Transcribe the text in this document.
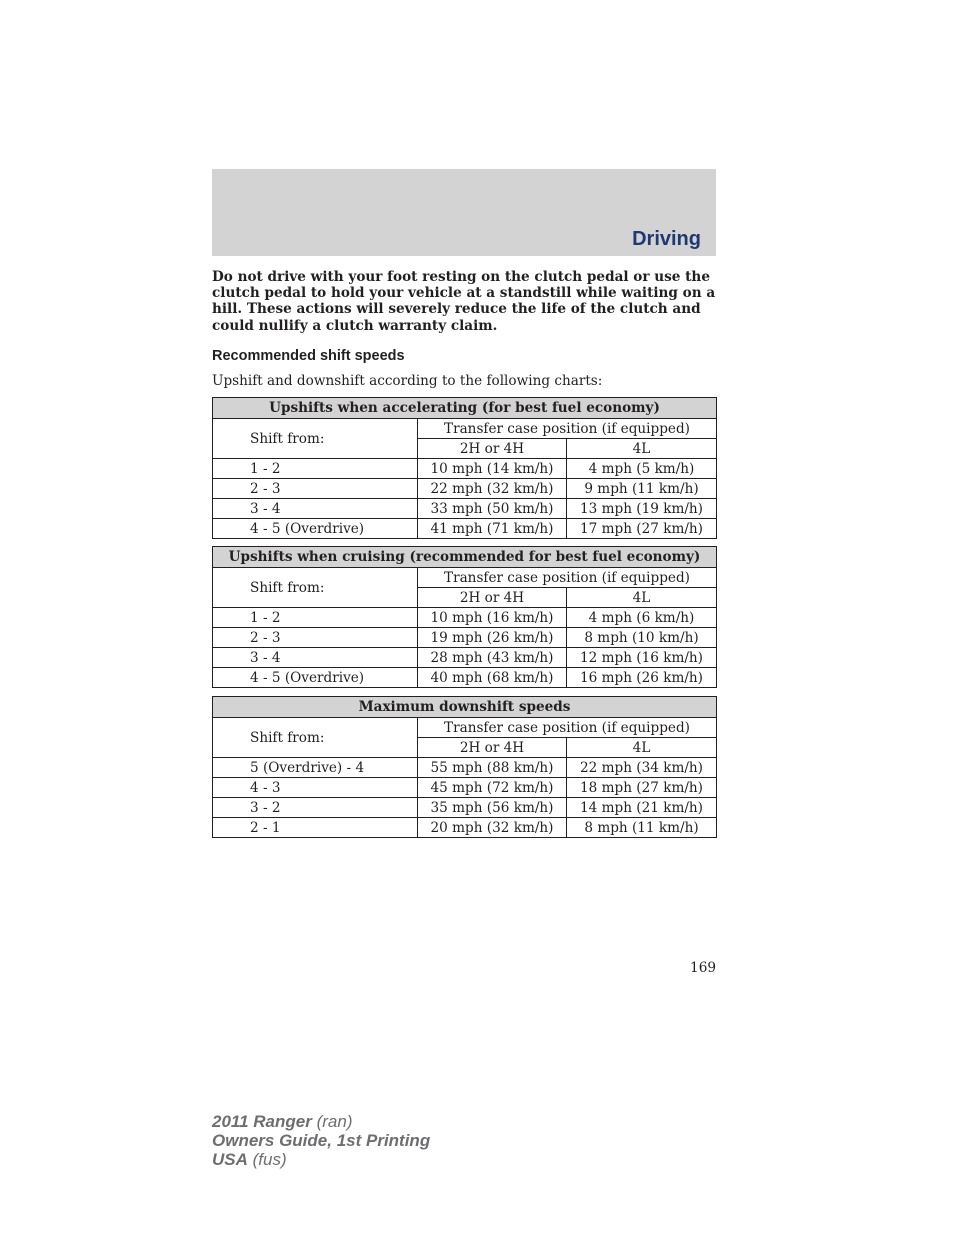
Driving
Do not drive with your foot resting on the clutch pedal or use the clutch pedal to hold your vehicle at a standstill while waiting on a hill. These actions will severely reduce the life of the clutch and could nullify a clutch warranty claim.
Recommended shift speeds
Upshift and downshift according to the following charts:
Upshifts when accelerating (for best fuel economy)		
Shift from:	Transfer case position (if equipped)	
	2H or 4H	4L
1 - 2	10 mph (14 km/h)	4 mph (5 km/h)
2 - 3	22 mph (32 km/h)	9 mph (11 km/h)
3 - 4	33 mph (50 km/h)	13 mph (19 km/h)
4 - 5 (Overdrive)	41 mph (71 km/h)	17 mph (27 km/h)
Upshifts when cruising (recommended for best fuel economy)		
Shift from:	Transfer case position (if equipped)	
	2H or 4H	4L
1 - 2	10 mph (16 km/h)	4 mph (6 km/h)
2 - 3	19 mph (26 km/h)	8 mph (10 km/h)
3 - 4	28 mph (43 km/h)	12 mph (16 km/h)
4 - 5 (Overdrive)	40 mph (68 km/h)	16 mph (26 km/h)
Maximum downshift speeds		
Shift from:	Transfer case position (if equipped)	
	2H or 4H	4L
5 (Overdrive) - 4	55 mph (88 km/h)	22 mph (34 km/h)
4 - 3	45 mph (72 km/h)	18 mph (27 km/h)
3 - 2	35 mph (56 km/h)	14 mph (21 km/h)
2 - 1	20 mph (32 km/h)	8 mph (11 km/h)
169
2011 Ranger (ran)
Owners Guide, 1st Printing
USA (fus)
